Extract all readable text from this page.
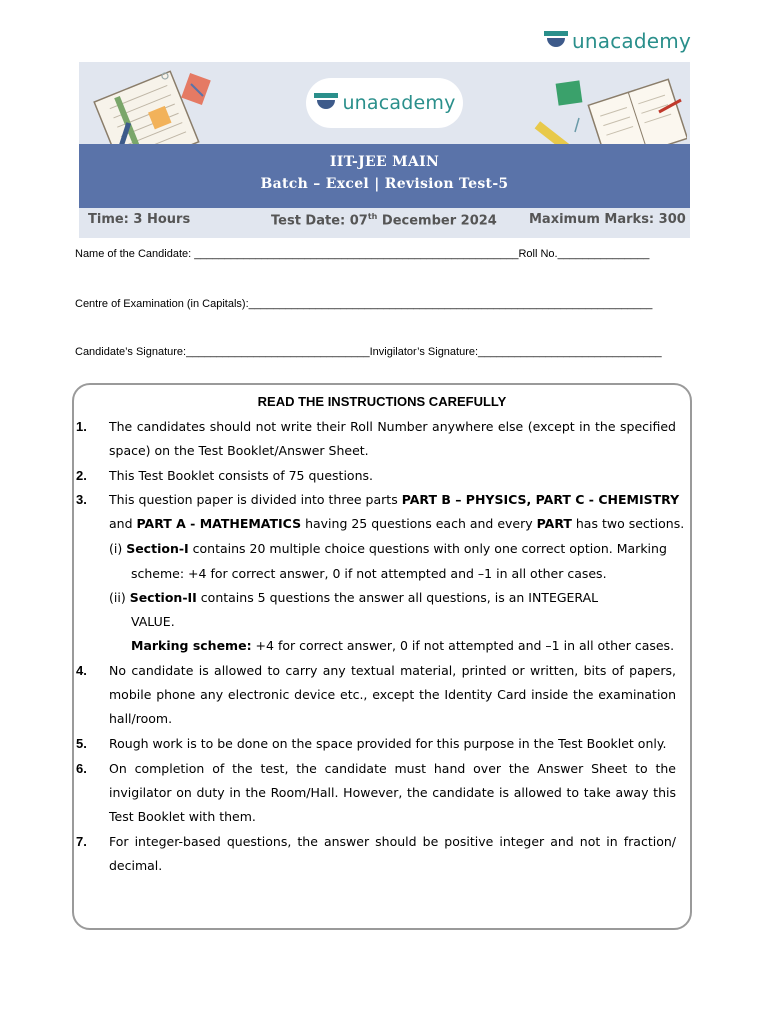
unacademy
unacademy
IIT-JEE MAIN
Batch – Excel | Revision Test-5
Time: 3 Hours	Test Date: 07th December 2024 Maximum Marks: 300
Name of the Candidate: _____________________________________________________Roll No._______________
Centre of Examination (in Capitals):__________________________________________________________________
Candidate’s Signature:______________________________Invigilator’s Signature:______________________________
READ THE INSTRUCTIONS CAREFULLY
1. The candidates should not write their Roll Number anywhere else (except in the specified
space) on the Test Booklet/Answer Sheet.
2. This Test Booklet consists of 75 questions.
3. This question paper is divided into three parts PART B – PHYSICS, PART C - CHEMISTRY
and PART A - MATHEMATICS having 25 questions each and every PART has two sections.
(i) Section-I contains 20 multiple choice questions with only one correct option. Marking
scheme: +4 for correct answer, 0 if not attempted and –1 in all other cases.
(ii) Section-II contains 5 questions the answer all questions, is an INTEGERAL
VALUE.
Marking scheme: +4 for correct answer, 0 if not attempted and –1 in all other cases.
4. No candidate is allowed to carry any textual material, printed or written, bits of papers,
mobile phone any electronic device etc., except the Identity Card inside the examination
hall/room.
5. Rough work is to be done on the space provided for this purpose in the Test Booklet only.
6. On completion of the test, the candidate must hand over the Answer Sheet to the
invigilator on duty in the Room/Hall. However, the candidate is allowed to take away this
Test Booklet with them.
7. For integer-based questions, the answer should be positive integer and not in fraction/
decimal.
